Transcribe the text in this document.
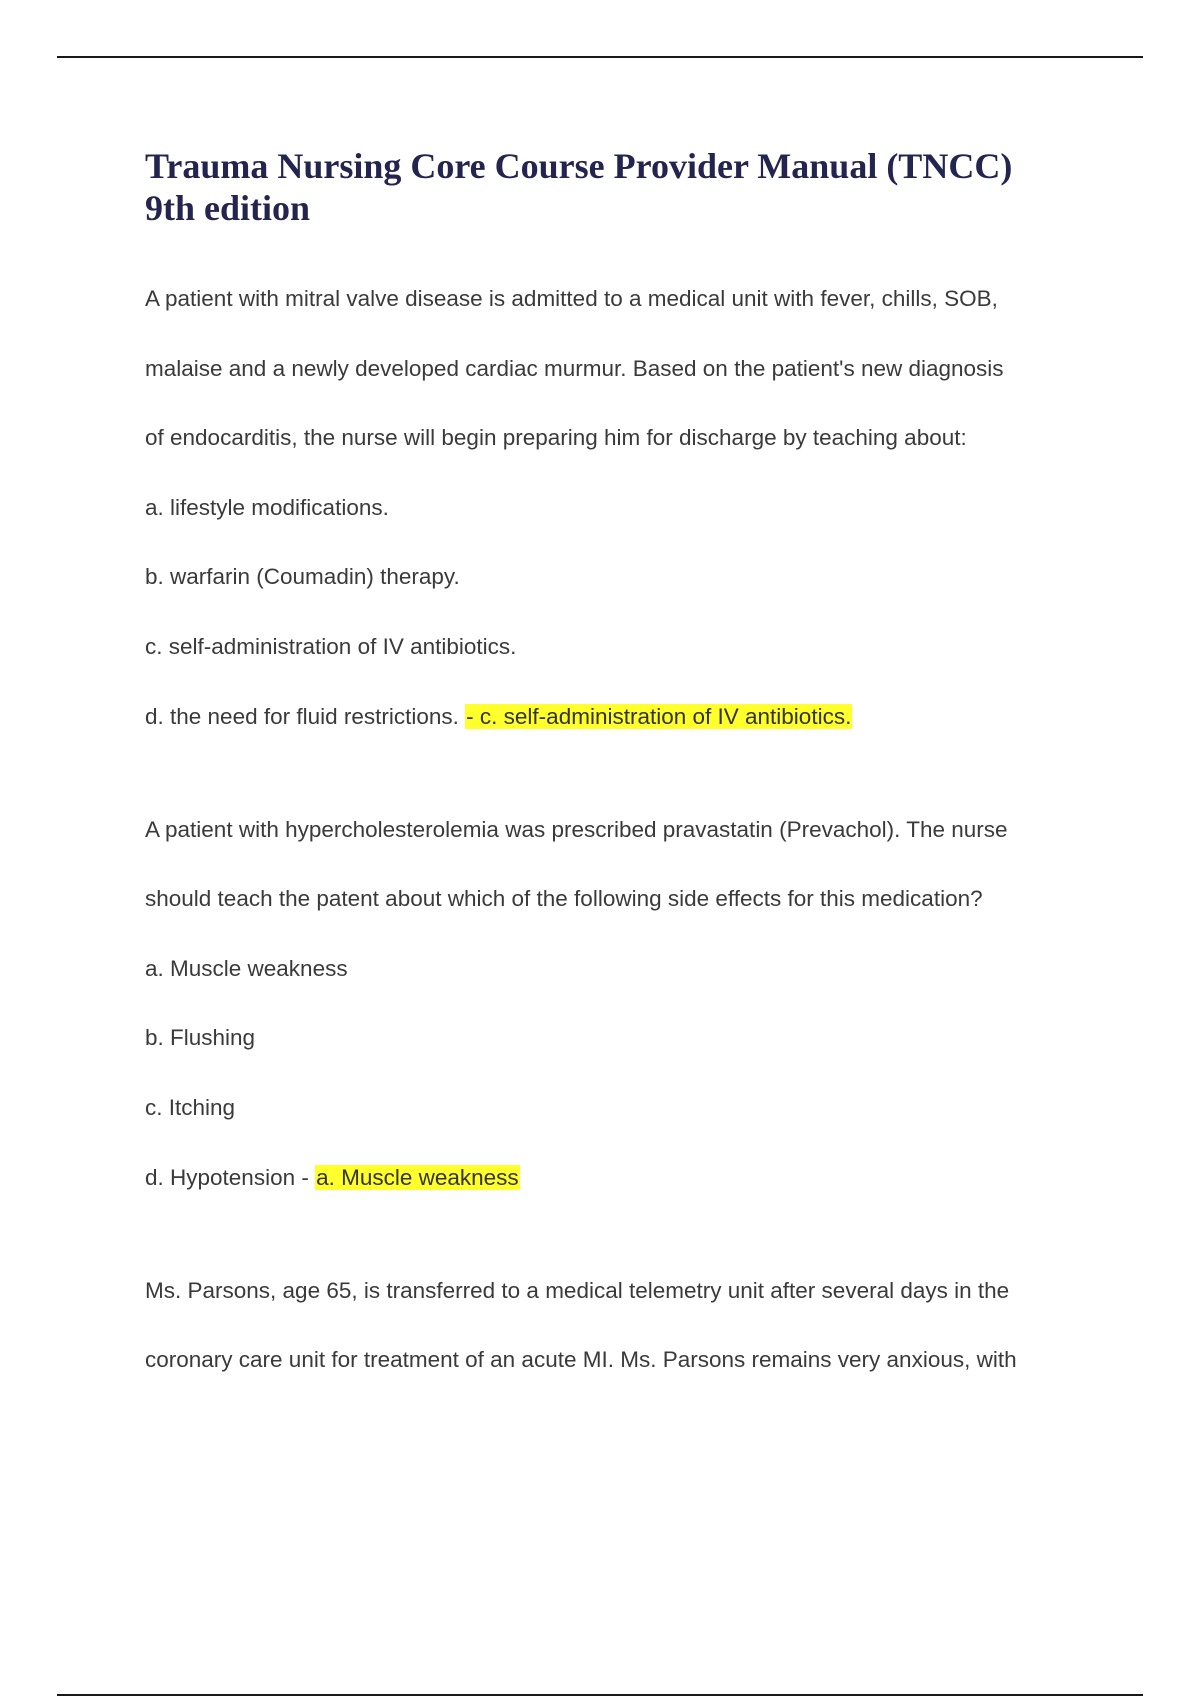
Trauma Nursing Core Course Provider Manual (TNCC)
9th edition
A patient with mitral valve disease is admitted to a medical unit with fever, chills, SOB,
malaise and a newly developed cardiac murmur. Based on the patient's new diagnosis
of endocarditis, the nurse will begin preparing him for discharge by teaching about:
a. lifestyle modifications.
b. warfarin (Coumadin) therapy.
c. self-administration of IV antibiotics.
d. the need for fluid restrictions. - c. self-administration of IV antibiotics.
A patient with hypercholesterolemia was prescribed pravastatin (Prevachol). The nurse
should teach the patent about which of the following side effects for this medication?
a. Muscle weakness
b. Flushing
c. Itching
d. Hypotension - a. Muscle weakness
Ms. Parsons, age 65, is transferred to a medical telemetry unit after several days in the
coronary care unit for treatment of an acute MI. Ms. Parsons remains very anxious, with
